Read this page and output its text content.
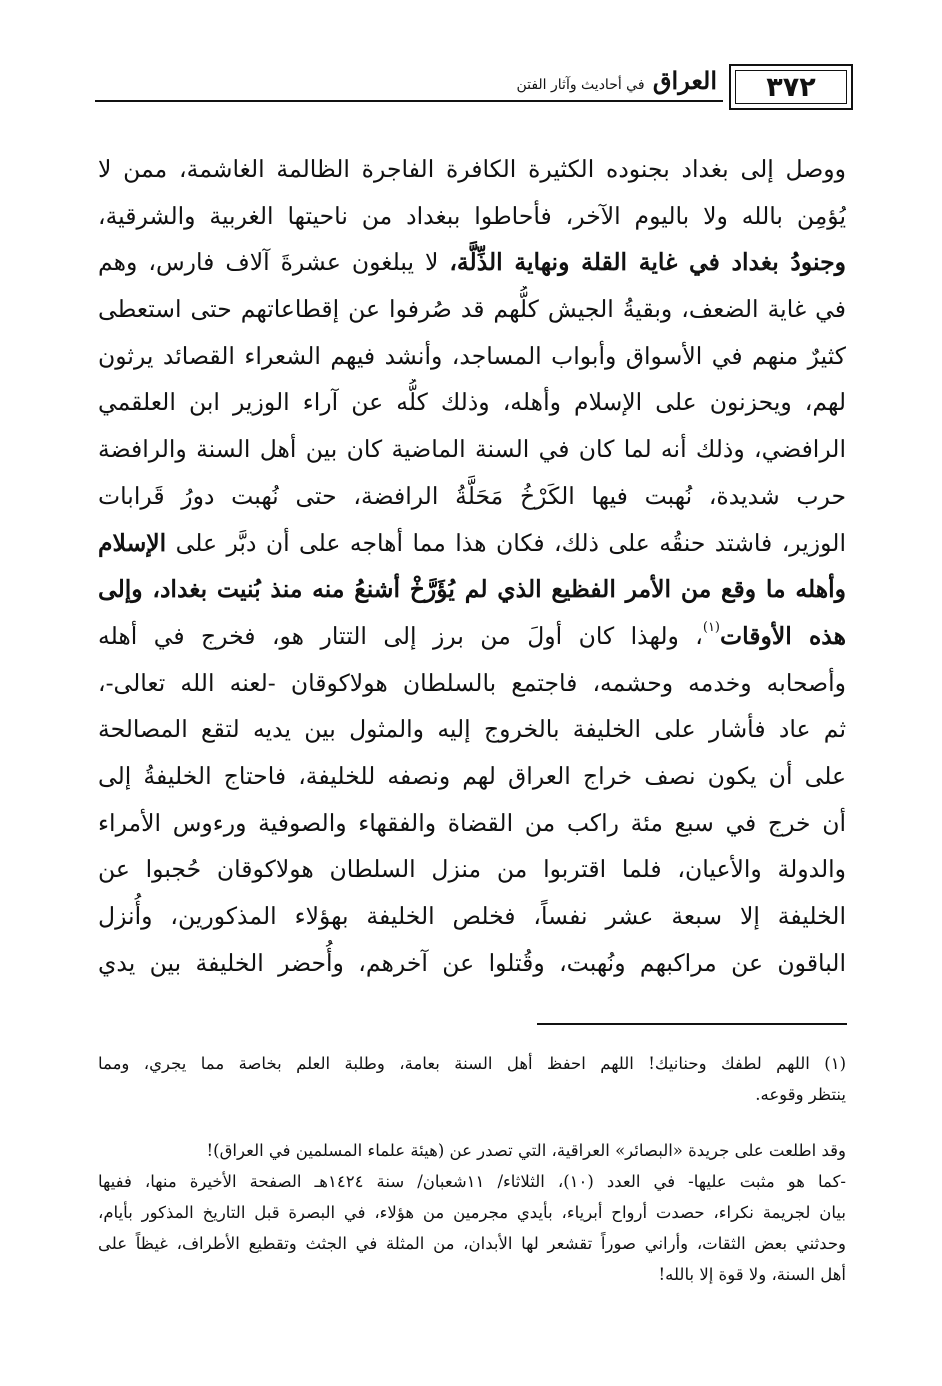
العراق في أحاديث وآثار الفتن	٣٧٢
ووصل إلى بغداد بجنوده الكثيرة الكافرة الفاجرة الظالمة الغاشمة، ممن لا
يُؤمِن بالله ولا باليوم الآخر، فأحاطوا ببغداد من ناحيتها الغربية والشرقية،
وجنودُ بغداد في غاية القلة ونهاية الذِّلَّة، لا يبلغون عشرةَ آلاف فارس، وهم
في غاية الضعف، وبقيةُ الجيش كلُّهم قد صُرفوا عن إقطاعاتهم حتى استعطى
كثيرٌ منهم في الأسواق وأبواب المساجد، وأنشد فيهم الشعراء القصائد يرثون
لهم، ويحزنون على الإسلام وأهله، وذلك كلُّه عن آراء الوزير ابن العلقمي
الرافضي، وذلك أنه لما كان في السنة الماضية كان بين أهل السنة والرافضة
حرب شديدة، نُهبت فيها الكَرْخُ مَحَلَّةُ الرافضة، حتى نُهبت دورُ قَرابات
الوزير، فاشتد حنقُه على ذلك، فكان هذا مما أهاجه على أن دبَّر على الإسلام
وأهله ما وقع من الأمر الفظيع الذي لم يُؤَرَّخْ أشنعُ منه منذ بُنيت بغداد، وإلى
هذه الأوقات$^{(١)}$، ولهذا كان أولَ من برز إلى التتار هو، فخرج في أهله
وأصحابه وخدمه وحشمه، فاجتمع بالسلطان هولاكوقان -لعنه الله تعالى-،
ثم عاد فأشار على الخليفة بالخروج إليه والمثول بين يديه لتقع المصالحة
على أن يكون نصف خراج العراق لهم ونصفه للخليفة، فاحتاج الخليفةُ إلى
أن خرج في سبع مئة راكب من القضاة والفقهاء والصوفية ورءوس الأمراء
والدولة والأعيان، فلما اقتربوا من منزل السلطان هولاكوقان حُجبوا عن
الخليفة إلا سبعة عشر نفساً، فخلص الخليفة بهؤلاء المذكورين، وأُنزل
الباقون عن مراكبهم ونُهبت، وقُتلوا عن آخرهم، وأُحضر الخليفة بين يدي
(١) اللهم لطفك وحنانيك! اللهم احفظ أهل السنة بعامة، وطلبة العلم بخاصة مما يجري، ومما
ينتظر وقوعه.
وقد اطلعت على جريدة «البصائر» العراقية، التي تصدر عن (هيئة علماء المسلمين في العراق)!
-كما هو مثبت عليها- في العدد (١٠)، الثلاثاء/ ١١شعبان/ سنة ١٤٢٤هـ الصفحة الأخيرة منها، ففيها
بيان لجريمة نكراء، حصدت أرواح أبرياء، بأيدي مجرمين من هؤلاء، في البصرة قبل التاريخ المذكور بأيام،
وحدثني بعض الثقات، وأراني صوراً تقشعر لها الأبدان، من المثلة في الجثث وتقطيع الأطراف، غيظاً على
أهل السنة، ولا قوة إلا بالله!
